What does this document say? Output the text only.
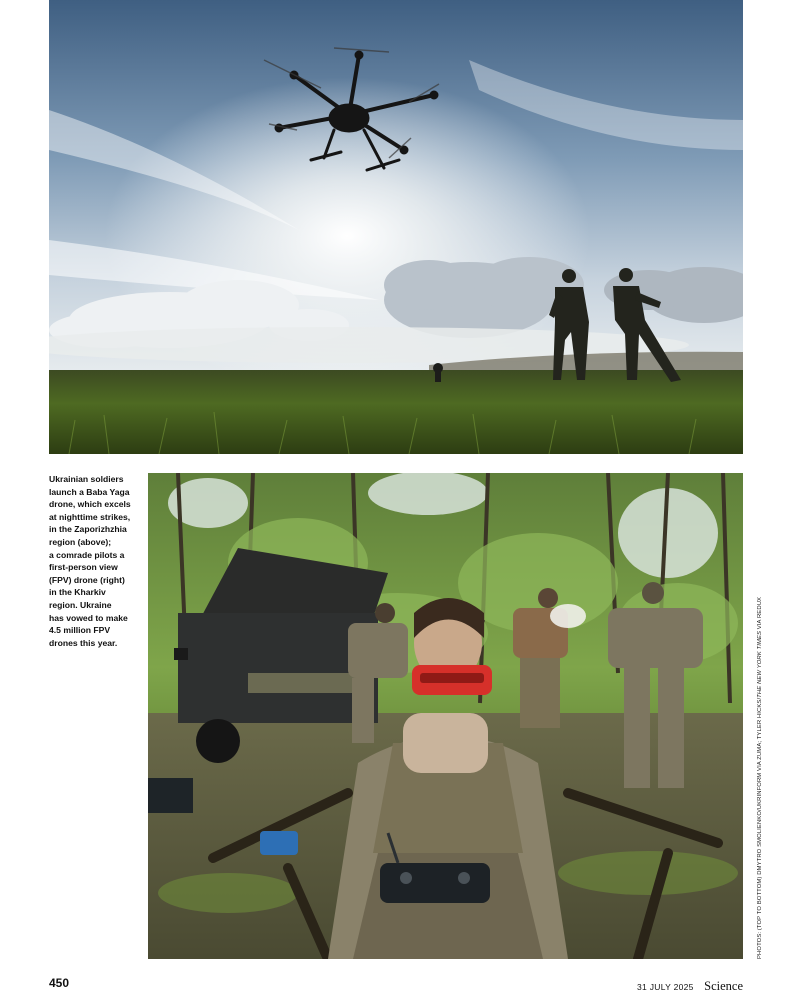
Ukrainian soldiers
launch a Baba Yaga
drone, which excels
at nighttime strikes,
in the Zaporizhzhia
region (above);
a comrade pilots a
first-person view
(FPV) drone (right)
in the Kharkiv
region. Ukraine
has vowed to make
4.5 million FPV
drones this year.
PHOTOS: (TOP TO BOTTOM) DMYTRO SMOLIENKO/UKRINFORM VIA ZUMA; TYLER HICKS/THE NEW YORK TIMES VIA REDUX
450	31 JULY 2025 Science
